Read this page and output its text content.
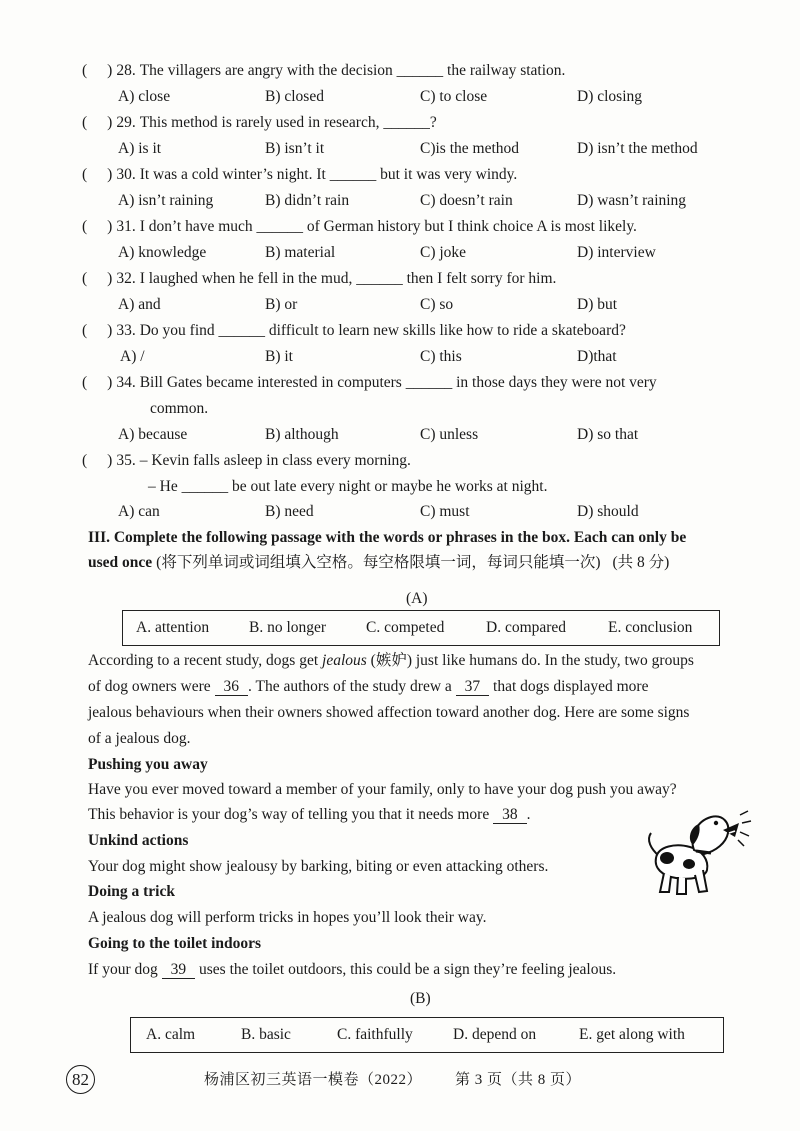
( ) 28. The villagers are angry with the decision ______ the railway station.
A) close	B) closed	C) to close	D) closing
( ) 29. This method is rarely used in research, ______?
A) is it	B) isn’t it	C)is the method	D) isn’t the method
( ) 30. It was a cold winter’s night. It ______ but it was very windy.
A) isn’t raining	B) didn’t rain	C) doesn’t rain	D) wasn’t raining
( ) 31. I don’t have much ______ of German history but I think choice A is most likely.
A) knowledge	B) material	C) joke	D) interview
( ) 32. I laughed when he fell in the mud, ______ then I felt sorry for him.
A) and	B) or	C) so	D) but
( ) 33. Do you find ______ difficult to learn new skills like how to ride a skateboard?
A) /	B) it	C) this	D)that
( ) 34. Bill Gates became interested in computers ______ in those days they were not very
common.
A) because	B) although	C) unless	D) so that
( ) 35. – Kevin falls asleep in class every morning.
– He ______ be out late every night or maybe he works at night.
A) can	B) need	C) must	D) should
III. Complete the following passage with the words or phrases in the box. Each can only be
used once (将下列单词或词组填入空格。每空格限填一词，每词只能填一次) (共 8 分)
(A)
A. attention	B. no longer	C. competed	D. compared	E. conclusion
According to a recent study, dogs get jealous (嫉妒) just like humans do. In the study, two groups
of dog owners were 36 . The authors of the study drew a 37 that dogs displayed more
jealous behaviours when their owners showed affection toward another dog. Here are some signs
of a jealous dog.
Pushing you away
Have you ever moved toward a member of your family, only to have your dog push you away?
This behavior is your dog’s way of telling you that it needs more 38 .
Unkind actions
Your dog might show jealousy by barking, biting or even attacking others.
Doing a trick
A jealous dog will perform tricks in hopes you’ll look their way.
Going to the toilet indoors
If your dog 39 uses the toilet outdoors, this could be a sign they’re feeling jealous.
(B)
A. calm	B. basic	C. faithfully	D. depend on	E. get along with
82	杨浦区初三英语一模卷（2022） 第 3 页（共 8 页）
